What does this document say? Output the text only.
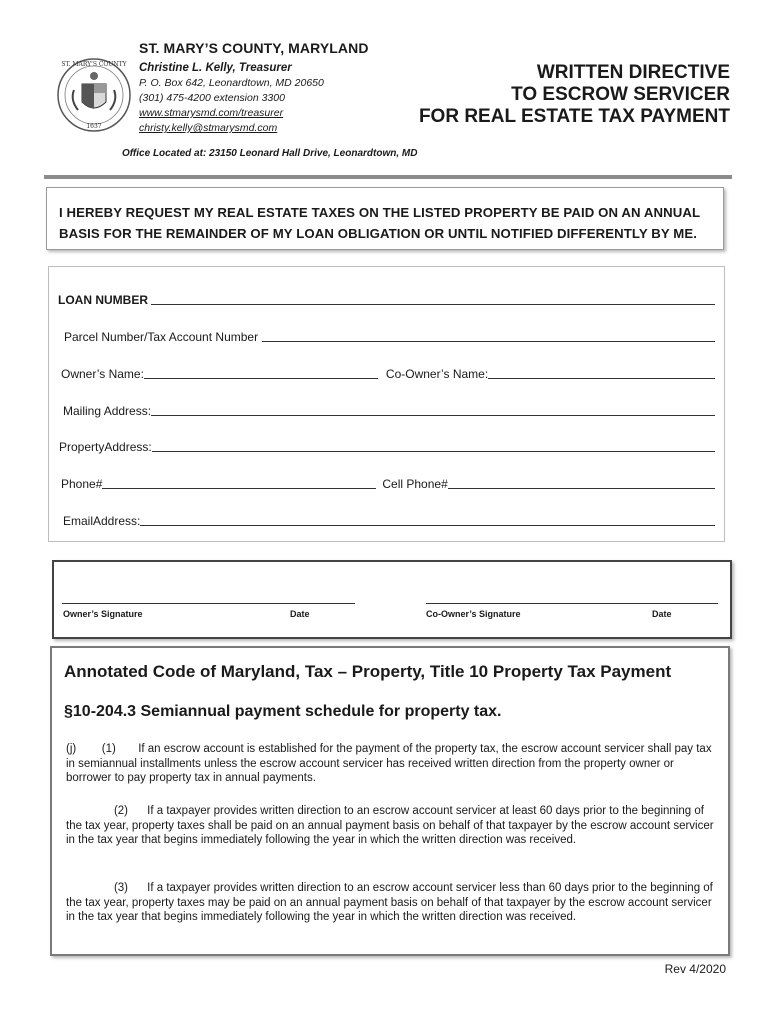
ST. MARY'S COUNTY
1637
ST. MARY’S COUNTY, MARYLAND
Christine L. Kelly, Treasurer
P. O. Box 642, Leonardtown, MD 20650
(301) 475-4200 extension 3300
www.stmarysmd.com/treasurer
christy.kelly@stmarysmd.com
WRITTEN DIRECTIVE
TO ESCROW SERVICER
FOR REAL ESTATE TAX PAYMENT
Office Located at: 23150 Leonard Hall Drive, Leonardtown, MD

I HEREBY REQUEST MY REAL ESTATE TAXES ON THE LISTED PROPERTY BE PAID ON AN ANNUAL BASIS FOR THE REMAINDER OF MY LOAN OBLIGATION OR UNTIL NOTIFIED DIFFERENTLY BY ME.

LOAN NUMBER
Parcel Number/Tax Account Number
Owner’s Name:	Co-Owner’s Name:
Mailing Address:
PropertyAddress:
Phone#	Cell Phone#
EmailAddress:
Owner’s Signature	Date	Co-Owner’s Signature	Date
Annotated Code of Maryland, Tax – Property, Title 10 Property Tax Payment
§10-204.3 Semiannual payment schedule for property tax.

(j)        (1)       If an escrow account is established for the payment of the property tax, the escrow account servicer shall pay tax in semiannual installments unless the escrow account servicer has received written direction from the property owner or borrower to pay property tax in annual payments.

(2)      If a taxpayer provides written direction to an escrow account servicer at least 60 days prior to the beginning of the tax year, property taxes shall be paid on an annual payment basis on behalf of that taxpayer by the escrow account servicer in the tax year that begins immediately following the year in which the written direction was received.

(3)      If a taxpayer provides written direction to an escrow account servicer less than 60 days prior to the beginning of the tax year, property taxes may be paid on an annual payment basis on behalf of that taxpayer by the escrow account servicer in the tax year that begins immediately following the year in which the written direction was received.

Rev 4/2020
